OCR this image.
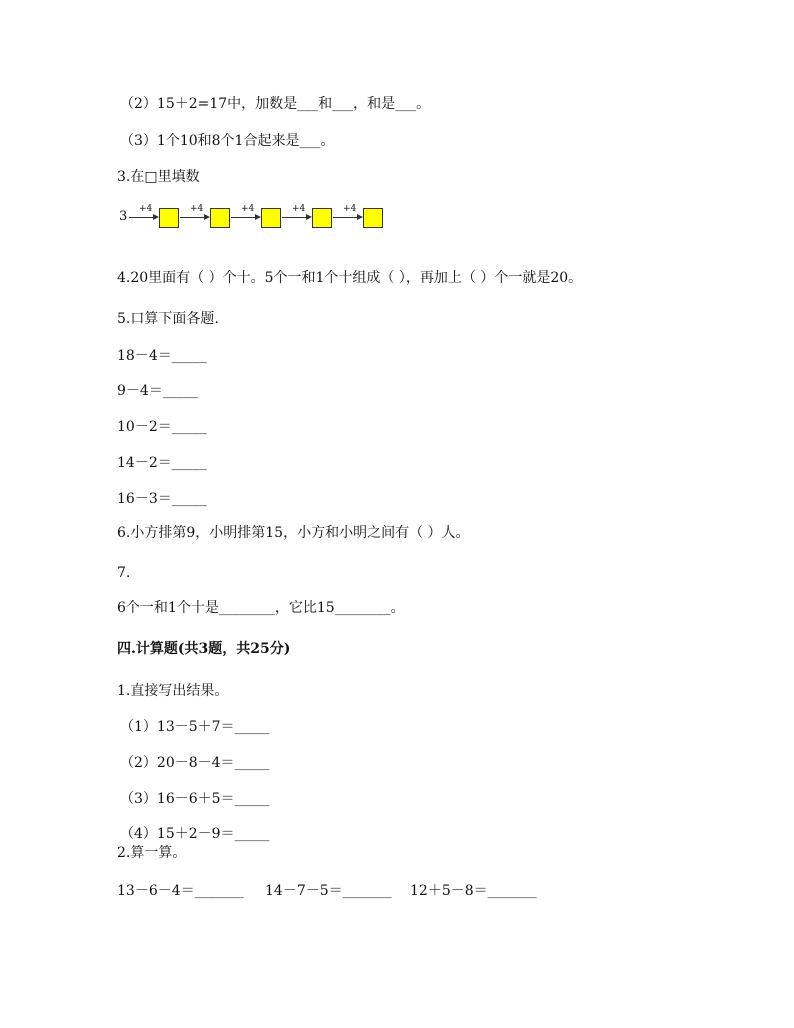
（2）15＋2=17中，加数是___和___，和是___。
（3）1个10和8个1合起来是___。
3.在□里填数
3 +4	+4	+4	+4	+4
4.20里面有（ ）个十。5个一和1个十组成（ ），再加上（ ）个一就是20。
5.口算下面各题.
18－4＝_____
9－4＝_____
10－2＝_____
14－2＝_____
16－3＝_____
6.小方排第9，小明排第15，小方和小明之间有（ ）人。
7.
6个一和1个十是________，它比15________。
四.计算题(共3题，共25分)
1.直接写出结果。
（1）13－5＋7＝_____
（2）20－8－4＝_____
（3）16－6＋5＝_____
（4）15＋2－9＝_____
2.算一算。
13－6－4＝_______ 14－7－5＝_______ 12＋5－8＝_______
